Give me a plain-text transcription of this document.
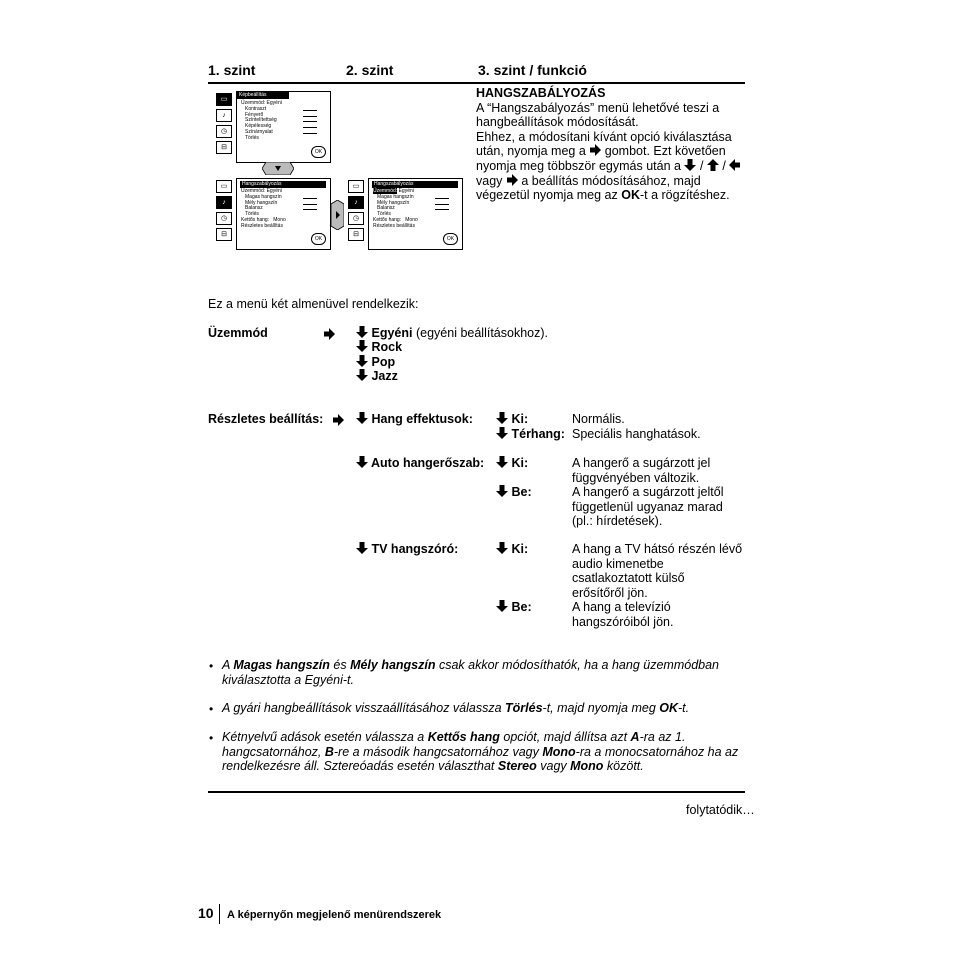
1. szint	2. szint	3. szint / funkció
▭
♪
◷
⊟
Képbeállítás
Üzemmód: Egyéni
Kontraszt
Fényerő
Színtelítettség
Képélesség
Színárnyalat
Törlés
OK
▭
♪
◷
⊟
Hangszabályozás
Üzemmód: Egyéni
Magas hangszín
Mély hangszín
Balansz
Törlés
Kettős hang: Mono
Részletes beállítás
OK
▭
♪
◷
⊟
Hangszabályozás
Üzemmód: Egyéni
Magas hangszín
Mély hangszín
Balansz
Törlés
Kettős hang: Mono
Részletes beállítás
OK
HANGSZABÁLYOZÁS
A “Hangszabályozás” menü lehetővé teszi a hangbeállítások módosítását.
Ehhez, a módosítani kívánt opció kiválasztása után, nyomja meg a gombot. Ezt követően nyomja meg többször egymás után a / / vagy a beállítás módosításához, majd végezetül nyomja meg az OK-t a rögzítéshez.
Ez a menü két almenüvel rendelkezik:
Üzemmód	Egyéni (egyéni beállításokhoz).
Rock
Pop
Jazz
Részletes beállítás:	Hang effektusok:	Ki:	Normális.
Térhang: Speciális hanghatások.
Auto hangerőszab:	Ki:	A hangerő a sugárzott jel
függvényében változik.
Be:	A hangerő a sugárzott jeltől
függetlenül ugyanaz marad
(pl.: hírdetések).
TV hangszóró:	Ki:	A hang a TV hátsó részén lévő
audio kimenetbe
csatlakoztatott külső
erősítőről jön.
Be:	A hang a televízió
hangszóróiból jön.
• A Magas hangszín és Mély hangszín csak akkor módosíthatók, ha a hang üzemmódban kiválasztotta a Egyéni-t.
• A gyári hangbeállítások visszaállításához válassza Törlés-t, majd nyomja meg OK-t.
• Kétnyelvű adások esetén válassza a Kettős hang opciót, majd állítsa azt A-ra az 1. hangcsatornához, B-re a második hangcsatornához vagy Mono-ra a monocsatornához ha az rendelkezésre áll. Sztereóadás esetén választhat Stereo vagy Mono között.
folytatódik…
10 A képernyőn megjelenő menürendszerek
